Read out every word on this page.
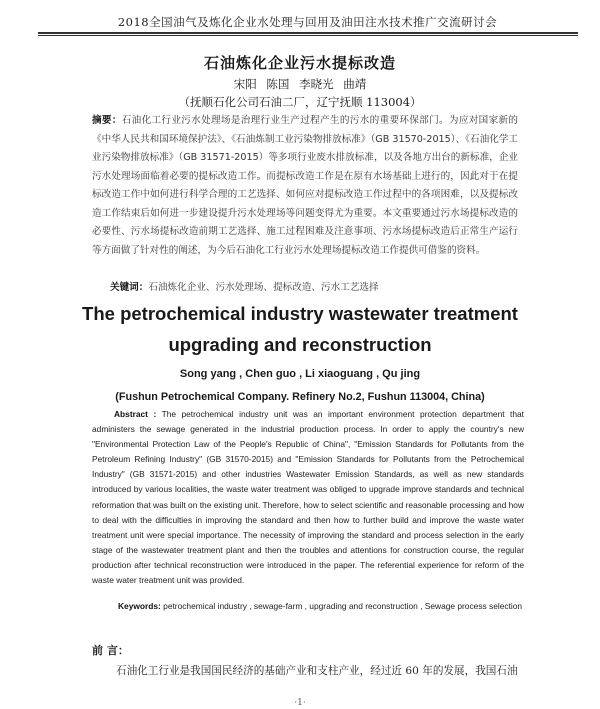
2018全国油气及炼化企业水处理与回用及油田注水技术推广交流研讨会
石油炼化企业污水提标改造
宋阳 陈国 李晓光 曲靖
（抚顺石化公司石油二厂，辽宁抚顺 113004）
摘要：石油化工行业污水处理场是治理行业生产过程产生的污水的重要环保部门。为应对国家新的《中华人民共和国环境保护法》、《石油炼制工业污染物排放标准》（GB 31570-2015）、《石油化学工业污染物排放标准》（GB 31571-2015）等多项行业废水排放标准，以及各地方出台的新标准，企业污水处理场面临着必要的提标改造工作。而提标改造工作是在原有水场基础上进行的，因此对于在提标改造工作中如何进行科学合理的工艺选择、如何应对提标改造工作过程中的各项困难，以及提标改造工作结束后如何进一步建设提升污水处理场等问题变得尤为重要。本文重要通过污水场提标改造的必要性、污水场提标改造前期工艺选择、施工过程困难及注意事项、污水场提标改造后正常生产运行等方面做了针对性的阐述，为今后石油化工行业污水处理场提标改造工作提供可借鉴的资料。
关键词：石油炼化企业、污水处理场、提标改造、污水工艺选择
The petrochemical industry wastewater treatment
upgrading and reconstruction
Song yang , Chen guo , Li xiaoguang , Qu jing
(Fushun Petrochemical Company. Refinery No.2, Fushun 113004, China)
Abstract : The petrochemical industry unit was an important environment protection department that administers the sewage generated in the industrial production process. In order to apply the country's new "Environmental Protection Law of the People's Republic of China", "Emission Standards for Pollutants from the Petroleum Refining Industry" (GB 31570-2015) and "Emission Standards for Pollutants from the Petrochemical Industry" (GB 31571-2015) and other industries Wastewater Emission Standards, as well as new standards introduced by various localities, the waste water treatment was obliged to upgrade improve standards and technical reformation that was built on the existing unit. Therefore, how to select scientific and reasonable processing and how to deal with the difficulties in improving the standard and then how to further build and improve the waste water treatment unit were special importance. The necessity of improving the standard and process selection in the early stage of the wastewater treatment plant and then the troubles and attentions for construction course, the regular production after technical reconstruction were introduced in the paper. The referential experience for reform of the waste water treatment unit was provided.
Keywords: petrochemical industry , sewage-farm , upgrading and reconstruction , Sewage process selection
前 言：
石油化工行业是我国国民经济的基础产业和支柱产业，经过近 60 年的发展，我国石油
·1·
